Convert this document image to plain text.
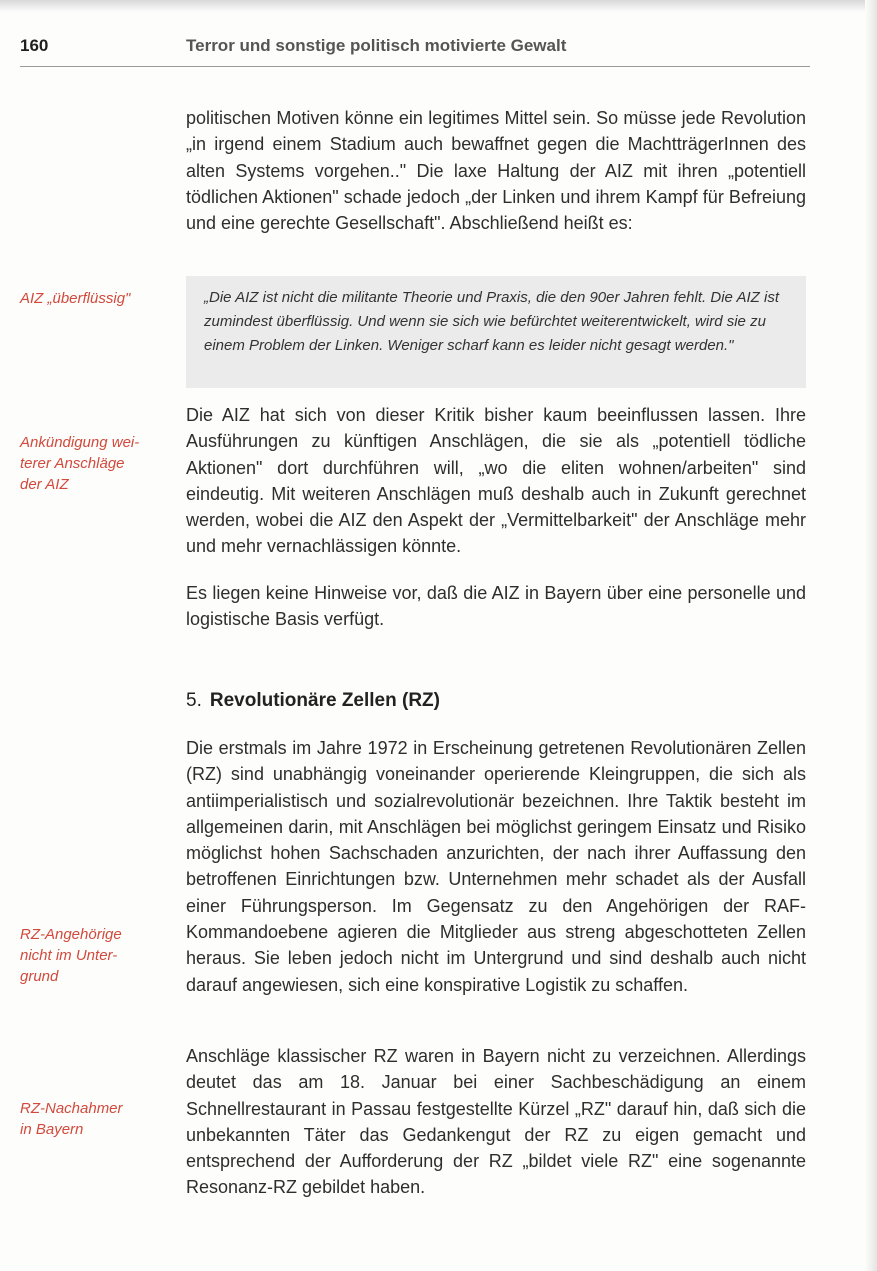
160	Terror und sonstige politisch motivierte Gewalt
politischen Motiven könne ein legitimes Mittel sein. So müsse jede Revolution „in irgend einem Stadium auch bewaffnet gegen die MachtträgerInnen des alten Systems vorgehen.." Die laxe Haltung der AIZ mit ihren „potentiell tödlichen Aktionen" schade jedoch „der Linken und ihrem Kampf für Befreiung und eine gerechte Gesellschaft". Abschließend heißt es:
AIZ „überflüssig"	„Die AIZ ist nicht die militante Theorie und Praxis, die den 90er Jahren fehlt. Die AIZ ist zumindest überflüssig. Und wenn sie sich wie befürchtet weiterentwickelt, wird sie zu einem Problem der Linken. Weniger scharf kann es leider nicht gesagt werden."
Die AIZ hat sich von dieser Kritik bisher kaum beeinflussen lassen. Ihre Ausführungen zu künftigen Anschlägen, die sie als „potentiell tödliche Aktionen" dort durchführen will, „wo die eliten wohnen/arbeiten" sind eindeutig. Mit weiteren Anschlägen muß deshalb auch in Zukunft gerechnet werden, wobei die AIZ den Aspekt der „Vermittelbarkeit" der Anschläge mehr und mehr vernachlässigen könnte.
Ankündigung wei-
terer Anschläge
der AIZ
Es liegen keine Hinweise vor, daß die AIZ in Bayern über eine personelle und logistische Basis verfügt.
5. Revolutionäre Zellen (RZ)
Die erstmals im Jahre 1972 in Erscheinung getretenen Revolutionären Zellen (RZ) sind unabhängig voneinander operierende Kleingruppen, die sich als antiimperialistisch und sozialrevolutionär bezeichnen. Ihre Taktik besteht im allgemeinen darin, mit Anschlägen bei möglichst geringem Einsatz und Risiko möglichst hohen Sachschaden anzurichten, der nach ihrer Auffassung den betroffenen Einrichtungen bzw. Unternehmen mehr schadet als der Ausfall einer Führungsperson. Im Gegensatz zu den Angehörigen der RAF-Kommandoebene agieren die Mitglieder aus streng abgeschotteten Zellen heraus. Sie leben jedoch nicht im Untergrund und sind deshalb auch nicht darauf angewiesen, sich eine konspirative Logistik zu schaffen.
RZ-Angehörige
nicht im Unter-
grund
Anschläge klassischer RZ waren in Bayern nicht zu verzeichnen. Allerdings deutet das am 18. Januar bei einer Sachbeschädigung an einem Schnellrestaurant in Passau festgestellte Kürzel „RZ" darauf hin, daß sich die unbekannten Täter das Gedankengut der RZ zu eigen gemacht und entsprechend der Aufforderung der RZ „bildet viele RZ" eine sogenannte Resonanz-RZ gebildet haben.
RZ-Nachahmer
in Bayern
